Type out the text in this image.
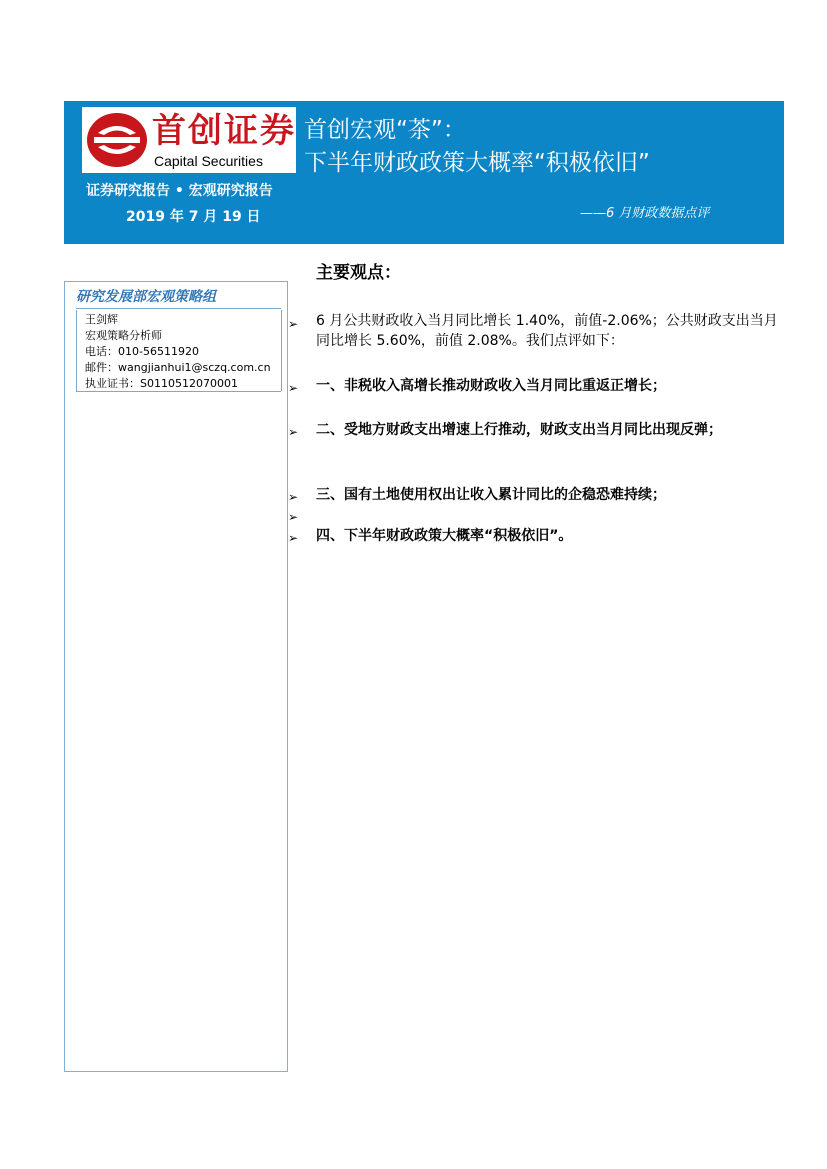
首创证券
Capital Securities
首创宏观“茶”：
下半年财政政策大概率“积极依旧”
证券研究报告 • 宏观研究报告
2019 年 7 月 19 日	——6 月财政数据点评
研究发展部宏观策略组
王剑辉
宏观策略分析师
电话：010-56511920
邮件：wangjianhui1@sczq.com.cn
执业证书：S0110512070001
主要观点：
➢ 6 月公共财政收入当月同比增长 1.40%，前值-2.06%；公共财政支出当月同比增长 5.60%，前值 2.08%。我们点评如下：
➢ 一、非税收入高增长推动财政收入当月同比重返正增长；
➢ 二、受地方财政支出增速上行推动，财政支出当月同比出现反弹；
➢ 三、国有土地使用权出让收入累计同比的企稳恐难持续；
➢
➢ 四、下半年财政政策大概率“积极依旧”。
